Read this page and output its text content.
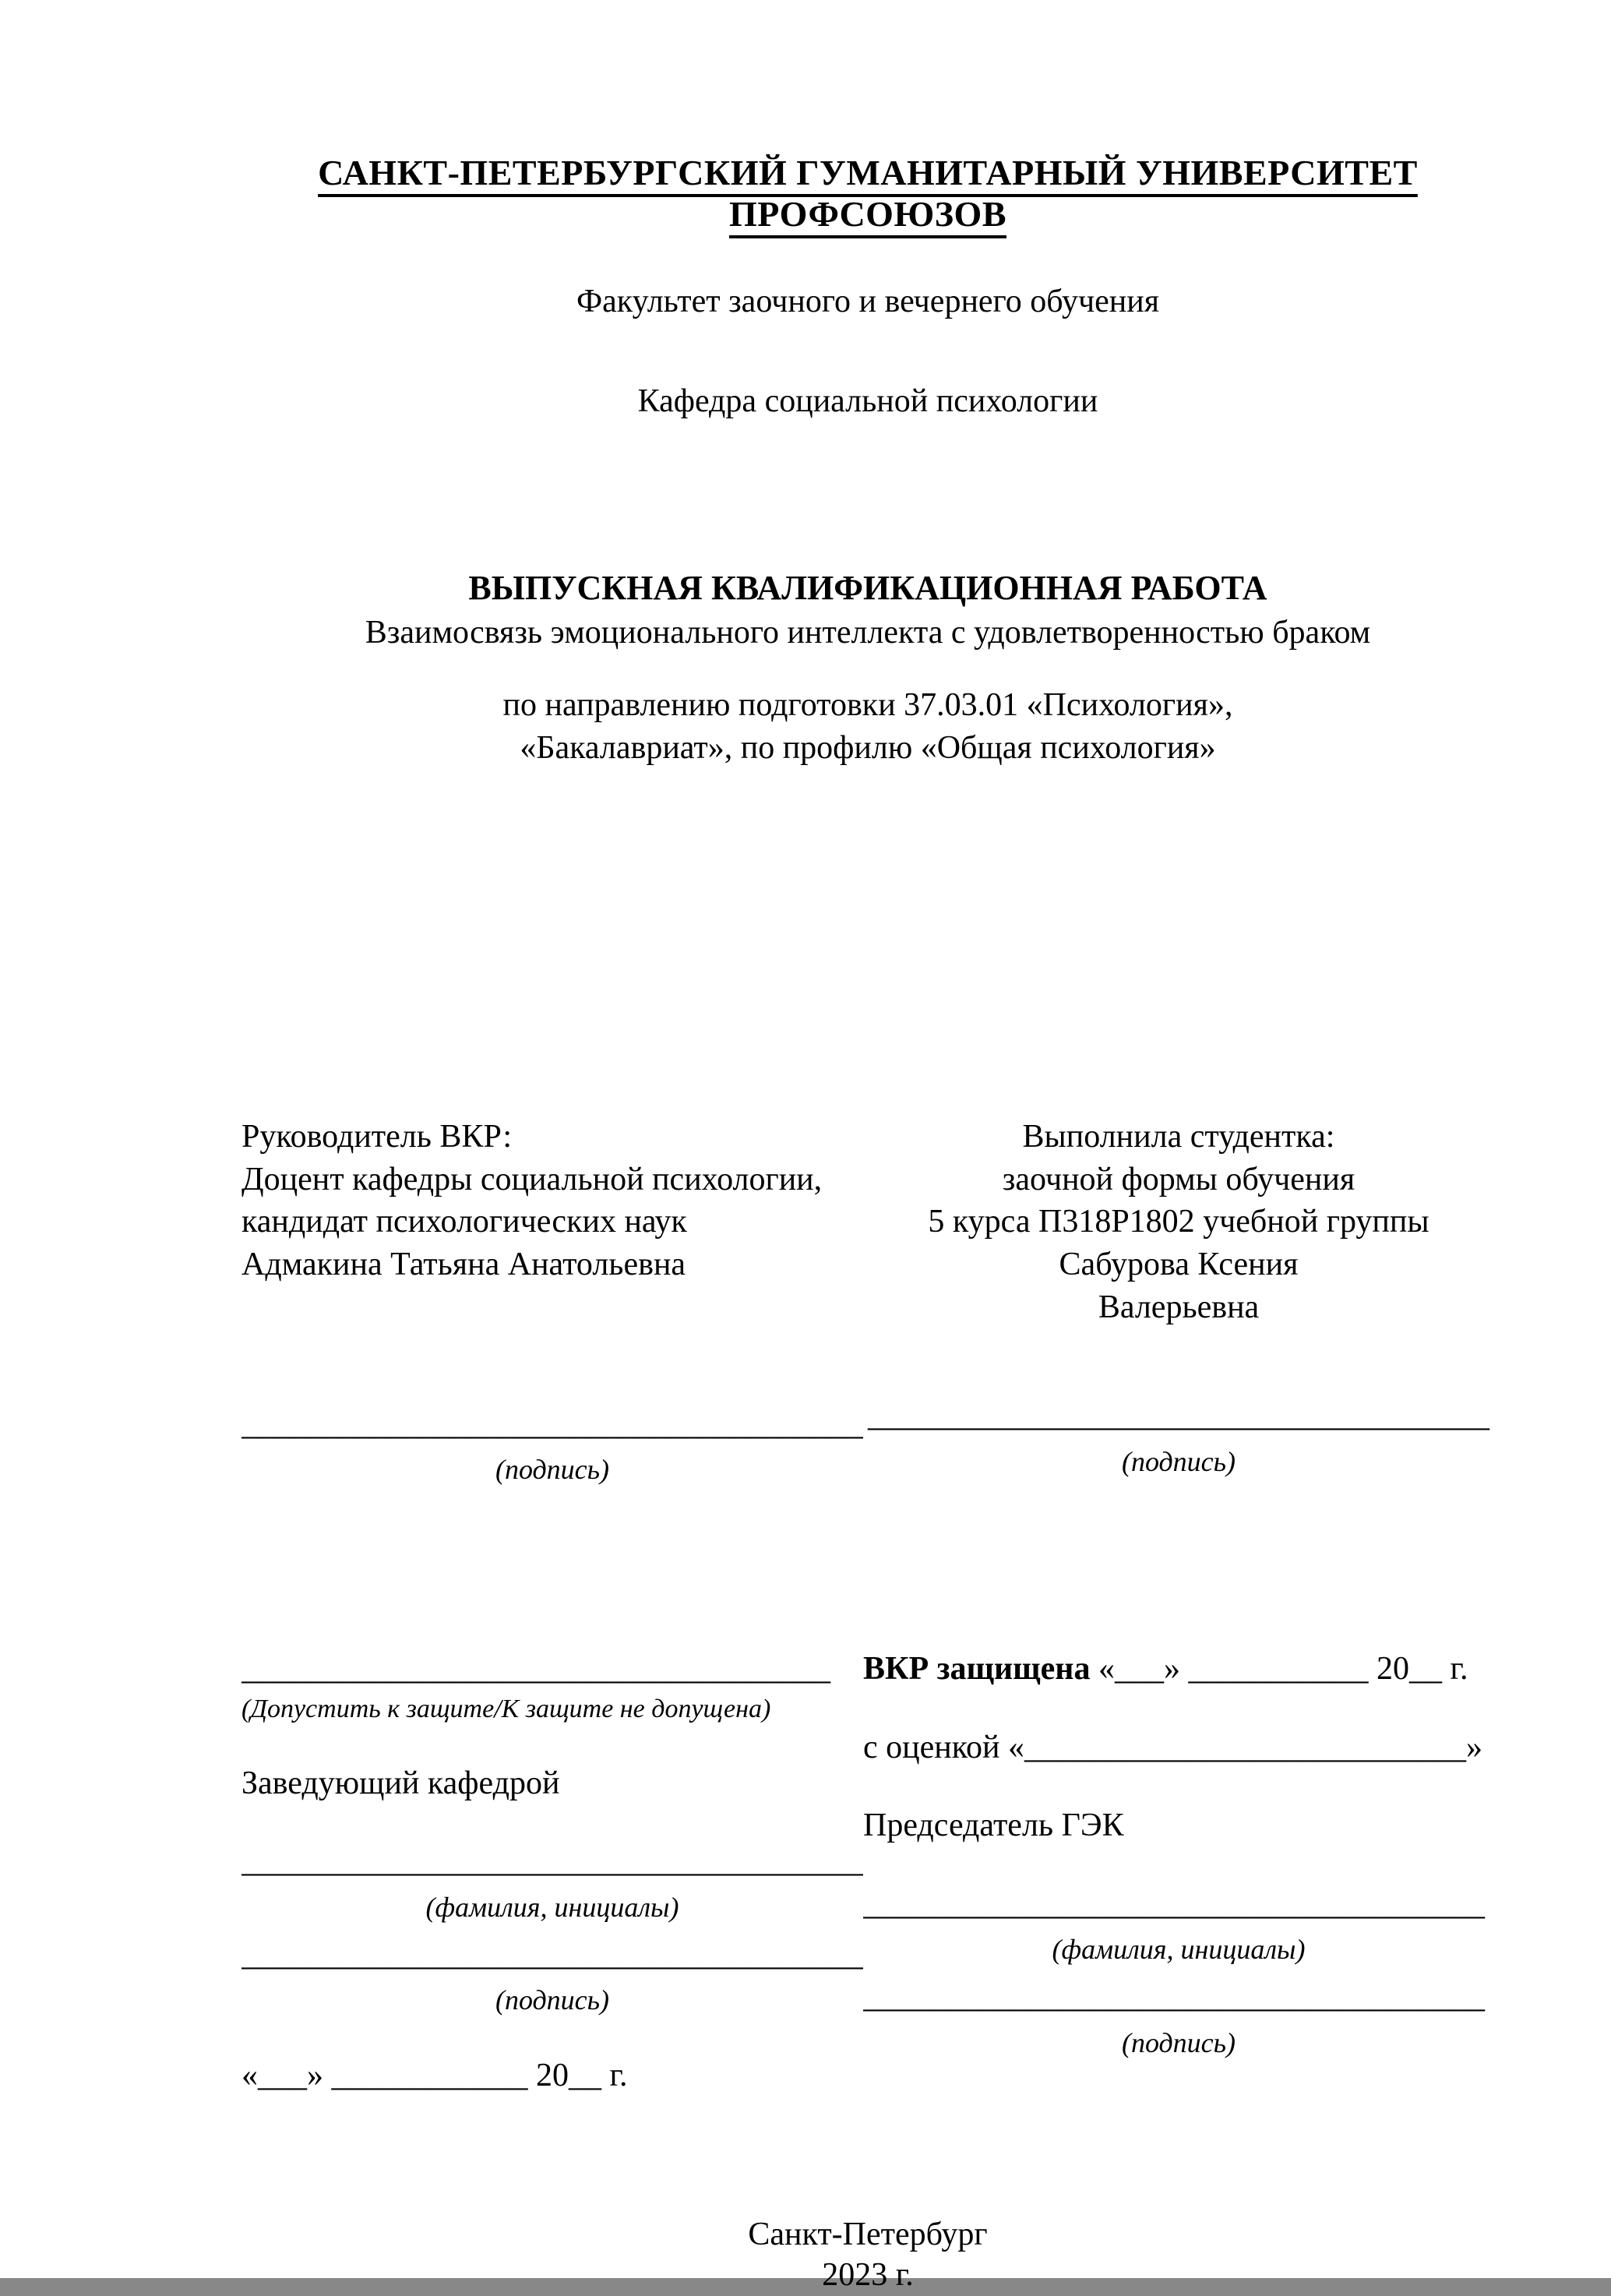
САНКТ-ПЕТЕРБУРГСКИЙ ГУМАНИТАРНЫЙ УНИВЕРСИТЕТ ПРОФСОЮЗОВ
Факультет заочного и вечернего обучения
Кафедра социальной психологии
ВЫПУСКНАЯ КВАЛИФИКАЦИОННАЯ РАБОТА
Взаимосвязь эмоционального интеллекта с удовлетворенностью браком
по направлению подготовки 37.03.01 «Психология»,
«Бакалавриат», по профилю «Общая психология»
Руководитель ВКР:
Доцент кафедры социальной психологии,
кандидат психологических наук
Адмакина Татьяна Анатольевна
______________________________________
(подпись)
Выполнила студентка:
заочной формы обучения
5 курса П318Р1802 учебной группы
Сабурова Ксения
Валерьевна
______________________________________
(подпись)
____________________________________
(Допустить к защите/К защите не допущена)
Заведующий кафедрой
______________________________________
(фамилия, инициалы)
______________________________________
(подпись)
«___» ____________ 20__ г.
ВКР защищена «___» ___________ 20__ г.
с оценкой «___________________________»
Председатель ГЭК
______________________________________
(фамилия, инициалы)
______________________________________
(подпись)
Санкт-Петербург
2023 г.
